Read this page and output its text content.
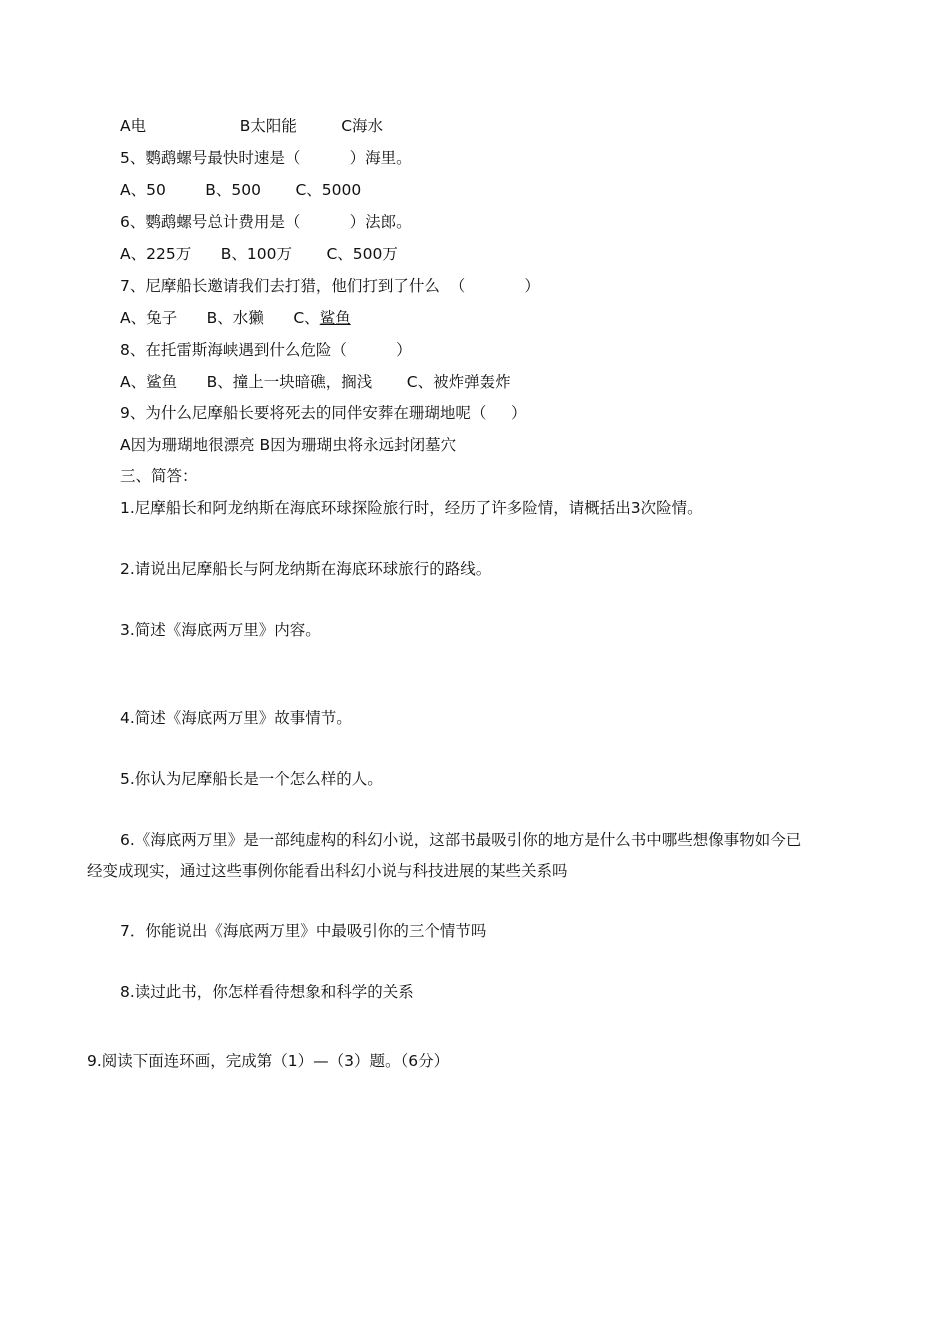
A电                   B太阳能         C海水
5、鹦鹉螺号最快时速是（          ）海里。
A、50        B、500       C、5000
6、鹦鹉螺号总计费用是（          ）法郎。
A、225万      B、100万       C、500万
7、尼摩船长邀请我们去打猎，他们打到了什么  （            ）
A、兔子      B、水獭      C、鲨鱼
8、在托雷斯海峡遇到什么危险（          ）
A、鲨鱼      B、撞上一块暗礁，搁浅       C、被炸弹轰炸
9、为什么尼摩船长要将死去的同伴安葬在珊瑚地呢（     ）
A因为珊瑚地很漂亮 B因为珊瑚虫将永远封闭墓穴
三、简答：
1.尼摩船长和阿龙纳斯在海底环球探险旅行时，经历了许多险情，请概括出3次险情。
2.请说出尼摩船长与阿龙纳斯在海底环球旅行的路线。
3.简述《海底两万里》内容。
4.简述《海底两万里》故事情节。
5.你认为尼摩船长是一个怎么样的人。
6.《海底两万里》是一部纯虚构的科幻小说，这部书最吸引你的地方是什么书中哪些想像事物如今已
经变成现实，通过这些事例你能看出科幻小说与科技进展的某些关系吗
7．你能说出《海底两万里》中最吸引你的三个情节吗
8.读过此书，你怎样看待想象和科学的关系
9.阅读下面连环画，完成第（1）—（3）题。（6分）
